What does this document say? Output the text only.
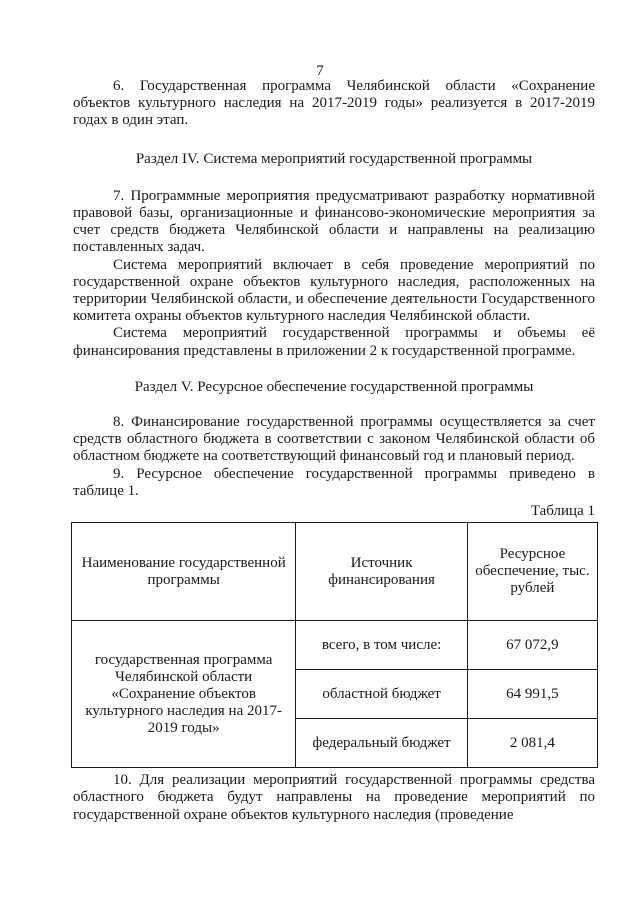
7

6. Государственная программа Челябинской области «Сохранение объектов культурного наследия на 2017-2019 годы» реализуется в 2017-2019 годах в один этап.

Раздел IV. Система мероприятий государственной программы

7. Программные мероприятия предусматривают разработку нормативной правовой базы, организационные и финансово-экономические мероприятия за счет средств бюджета Челябинской области и направлены на реализацию поставленных задач.

Система мероприятий включает в себя проведение мероприятий по государственной охране объектов культурного наследия, расположенных на территории Челябинской области, и обеспечение деятельности Государственного комитета охраны объектов культурного наследия Челябинской области.

Система мероприятий государственной программы и объемы её финансирования представлены в приложении 2 к государственной программе.

Раздел V. Ресурсное обеспечение государственной программы

8. Финансирование государственной программы осуществляется за счет средств областного бюджета в соответствии с законом Челябинской области об областном бюджете на соответствующий финансовый год и плановый период.

9. Ресурсное обеспечение государственной программы приведено в таблице 1.

Таблица 1
Наименование государственной программы	Источник финансирования	Ресурсное обеспечение, тыс. рублей
государственная программа Челябинской области «Сохранение объектов культурного наследия на 2017-2019 годы»	всего, в том числе:	67 072,9
	областной бюджет	64 991,5
	федеральный бюджет	2 081,4

10. Для реализации мероприятий государственной программы средства областного бюджета будут направлены на проведение мероприятий по государственной охране объектов культурного наследия (проведение
